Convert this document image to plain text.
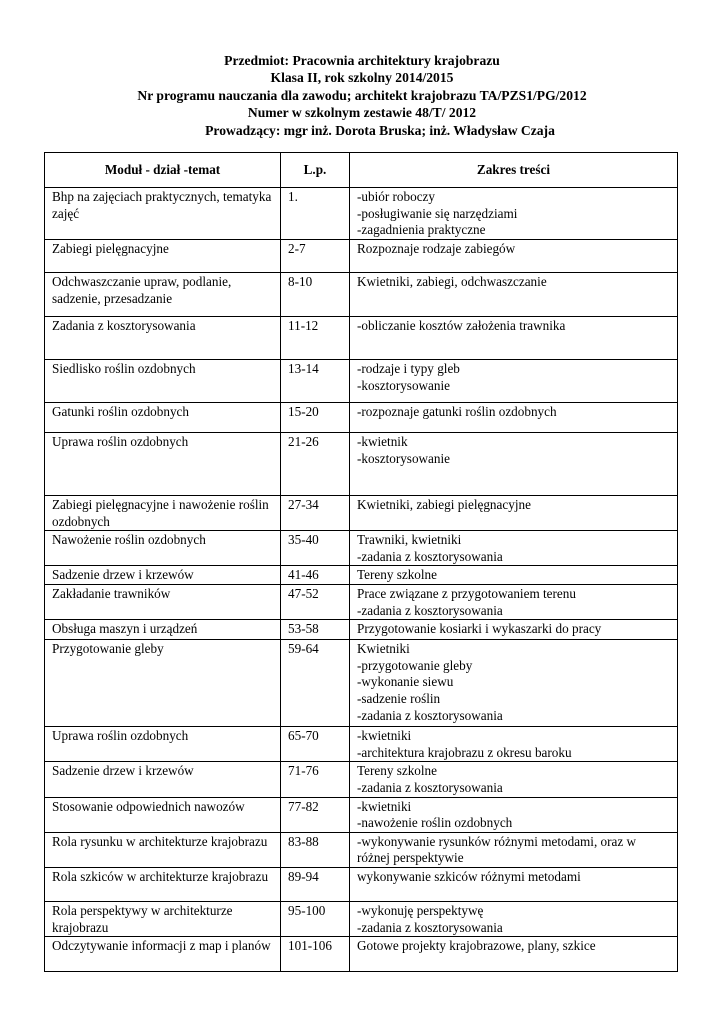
Przedmiot: Pracownia architektury krajobrazu
Klasa II, rok szkolny 2014/2015
Nr programu nauczania dla zawodu; architekt krajobrazu TA/PZS1/PG/2012
Numer w szkolnym zestawie 48/T/ 2012
Prowadzący: mgr inż. Dorota Bruska; inż. Władysław Czaja
Moduł - dział -temat	L.p.	Zakres treści
Bhp na zajęciach praktycznych, tematyka zajęć	1.	-ubiór roboczy
-posługiwanie się narzędziami
-zagadnienia praktyczne

Zabiegi pielęgnacyjne	2-7	Rozpoznaje rodzaje zabiegów

Odchwaszczanie upraw, podlanie, sadzenie, przesadzanie	8-10	Kwietniki, zabiegi, odchwaszczanie

Zadania z kosztorysowania	11-12	-obliczanie kosztów założenia trawnika

Siedlisko roślin ozdobnych	13-14	-rodzaje i typy gleb
-kosztorysowanie

Gatunki roślin ozdobnych	15-20	-rozpoznaje gatunki roślin ozdobnych

Uprawa roślin ozdobnych	21-26	-kwietnik
-kosztorysowanie

Zabiegi pielęgnacyjne i nawożenie roślin ozdobnych	27-34	Kwietniki, zabiegi pielęgnacyjne

Nawożenie roślin ozdobnych	35-40	Trawniki, kwietniki
-zadania z kosztorysowania

Sadzenie drzew i krzewów	41-46	Tereny szkolne

Zakładanie trawników	47-52	Prace związane z przygotowaniem terenu
-zadania z kosztorysowania

Obsługa maszyn i urządzeń	53-58	Przygotowanie kosiarki i wykaszarki do pracy

Przygotowanie gleby	59-64	Kwietniki
-przygotowanie gleby
-wykonanie siewu
-sadzenie roślin
-zadania z kosztorysowania

Uprawa roślin ozdobnych	65-70	-kwietniki
-architektura krajobrazu z okresu baroku

Sadzenie drzew i krzewów	71-76	Tereny szkolne
-zadania z kosztorysowania

Stosowanie odpowiednich nawozów	77-82	-kwietniki
-nawożenie roślin ozdobnych

Rola rysunku w architekturze krajobrazu	83-88	-wykonywanie rysunków różnymi metodami, oraz w
różnej perspektywie

Rola szkiców w architekturze krajobrazu	89-94	wykonywanie szkiców różnymi metodami

Rola perspektywy w architekturze krajobrazu	95-100	-wykonuję perspektywę
-zadania z kosztorysowania

Odczytywanie informacji z map i planów	101-106	Gotowe projekty krajobrazowe, plany, szkice
